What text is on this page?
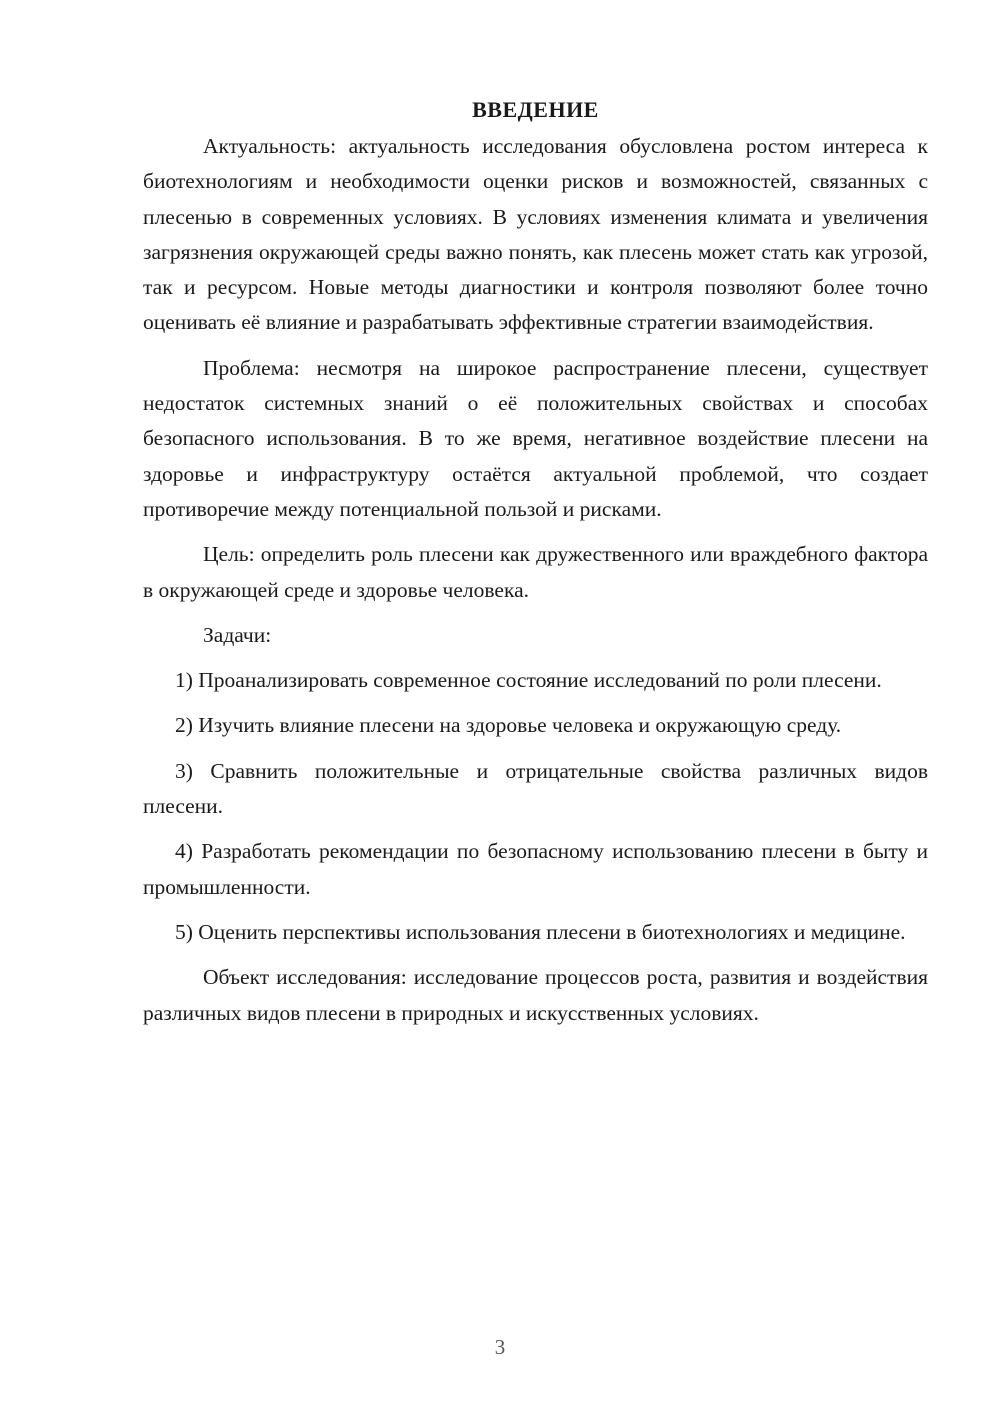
ВВЕДЕНИЕ

Актуальность: актуальность исследования обусловлена ростом интереса к биотехнологиям и необходимости оценки рисков и возможностей, связанных с плесенью в современных условиях. В условиях изменения климата и увеличения загрязнения окружающей среды важно понять, как плесень может стать как угрозой, так и ресурсом. Новые методы диагностики и контроля позволяют более точно оценивать её влияние и разрабатывать эффективные стратегии взаимодействия.

Проблема: несмотря на широкое распространение плесени, существует недостаток системных знаний о её положительных свойствах и способах безопасного использования. В то же время, негативное воздействие плесени на здоровье и инфраструктуру остаётся актуальной проблемой, что создает противоречие между потенциальной пользой и рисками.

Цель: определить роль плесени как дружественного или враждебного фактора в окружающей среде и здоровье человека.

Задачи:

1) Проанализировать современное состояние исследований по роли плесени.

2) Изучить влияние плесени на здоровье человека и окружающую среду.

3) Сравнить положительные и отрицательные свойства различных видов плесени.

4) Разработать рекомендации по безопасному использованию плесени в быту и промышленности.

5) Оценить перспективы использования плесени в биотехнологиях и медицине.

Объект исследования: исследование процессов роста, развития и воздействия различных видов плесени в природных и искусственных условиях.

3
